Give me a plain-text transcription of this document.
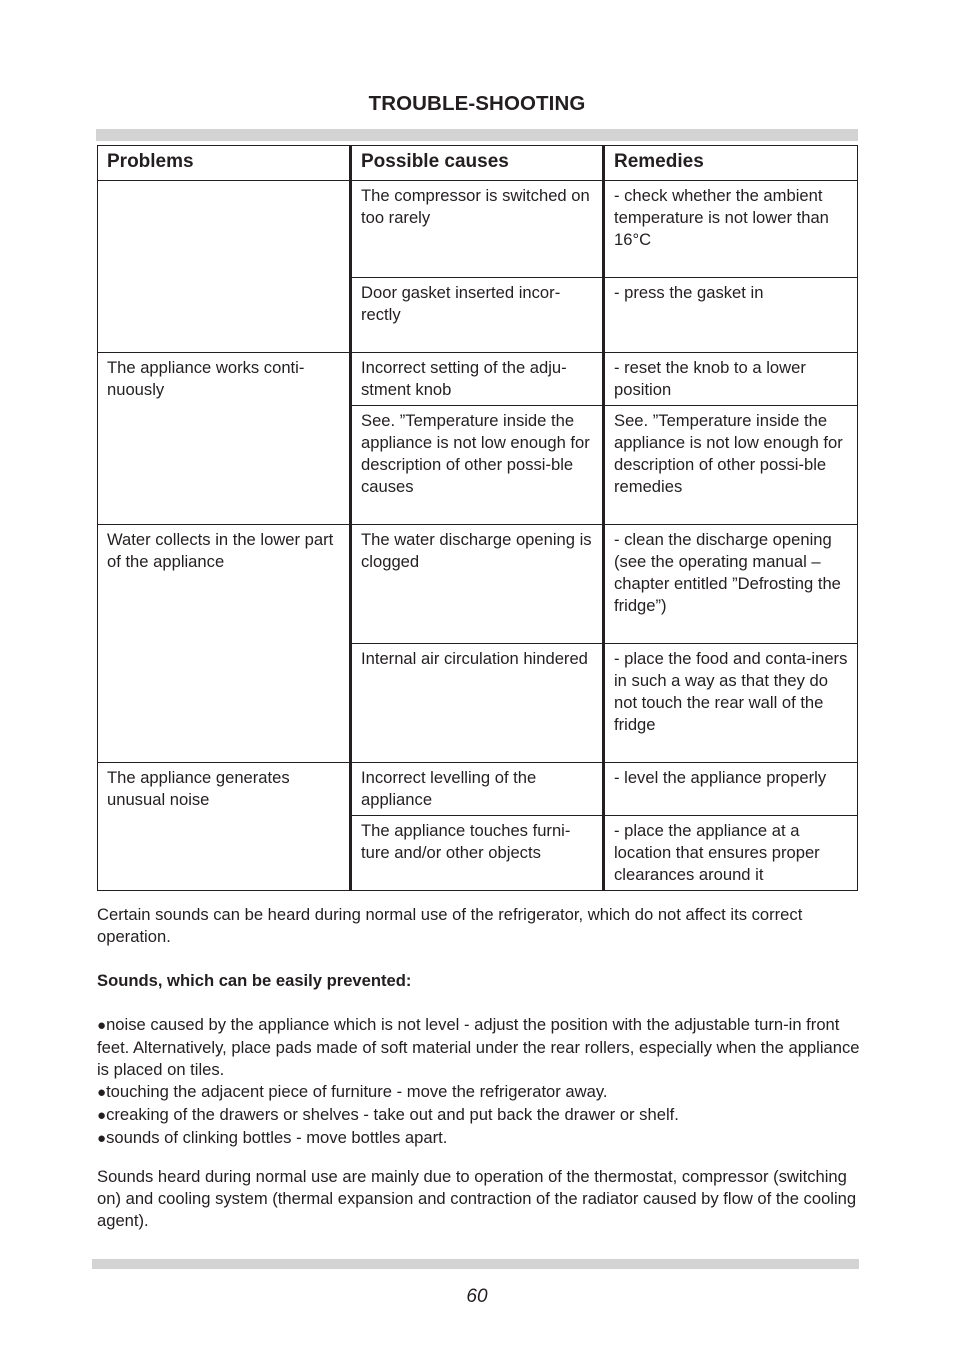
TROUBLE-SHOOTING
Problems	Possible causes	Remedies
	The compressor is switched on too rarely	- check whether the ambient temperature is not lower than 16°C
	Door gasket inserted incor-rectly	- press the gasket in
The appliance works conti-nuously	Incorrect setting of the adju-stment knob	- reset the knob to a lower position
	See. ”Temperature inside the appliance is not low enough for description of other possi-ble causes	See. ”Temperature inside the appliance is not low enough for description of other possi-ble remedies
Water collects in the lower part of the appliance	The water discharge opening is clogged	- clean the discharge opening (see the operating manual – chapter entitled ”Defrosting the fridge”)
	Internal air circulation hindered	- place the food and conta-iners in such a way as that they do not touch the rear wall of the fridge
The appliance generates unusual noise	Incorrect levelling of the appliance	- level the appliance properly
	The appliance touches furni-ture and/or other objects	- place the appliance at a location that ensures proper clearances around it
Certain sounds can be heard during normal use of the refrigerator, which do not affect its correct operation.
Sounds, which can be easily prevented:
●noise caused by the appliance which is not level - adjust the position with the adjustable turn-in front feet. Alternatively, place pads made of soft material under the rear rollers, especially when the appliance is placed on tiles.
●touching the adjacent piece of furniture - move the refrigerator away.
●creaking of the drawers or shelves - take out and put back the drawer or shelf.
●sounds of clinking bottles - move bottles apart.
Sounds heard during normal use are mainly due to operation of the thermostat, compressor (switching on) and cooling system (thermal expansion and contraction of the radiator caused by flow of the cooling agent).
60
